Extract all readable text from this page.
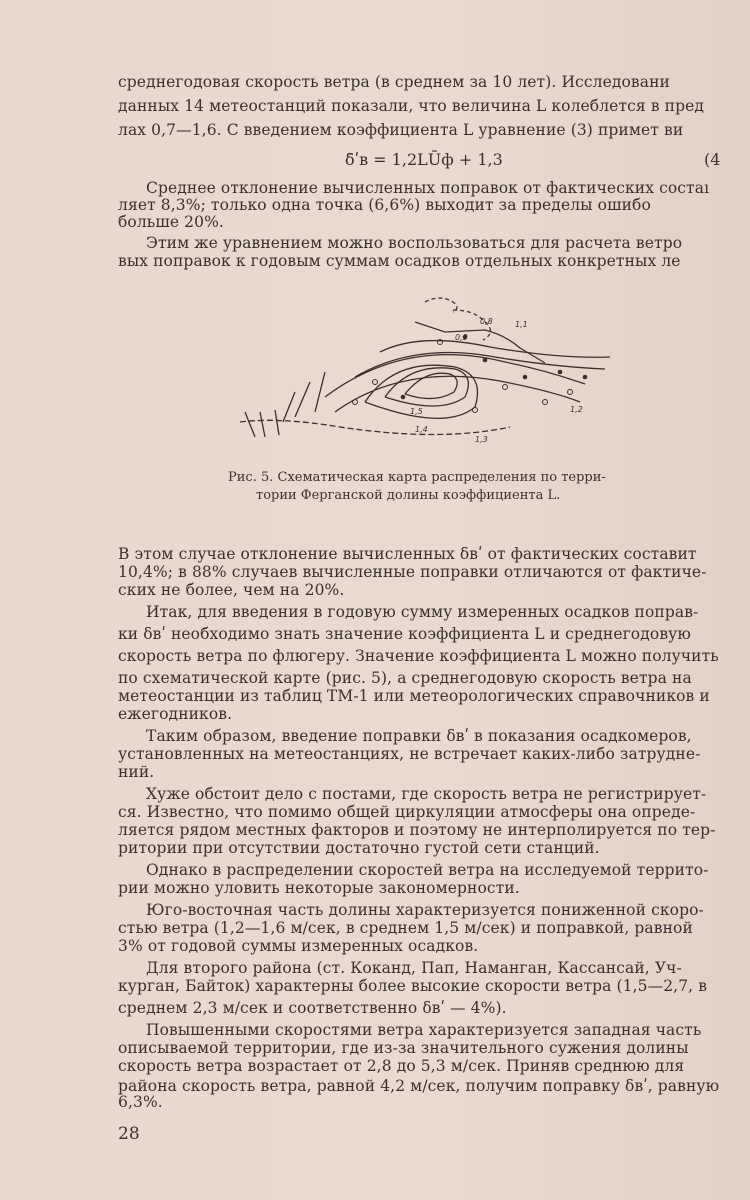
среднегодовая скорость ветра (в среднем за 10 лет). Исследовани
данных 14 метеостанций показали, что величина L колеблется в пред
лах 0,7—1,6. С введением коэффициента L уравнение (3) примет ви
δ̄ʹв = 1,2LŪф + 1,3	(4
Среднее отклонение вычисленных поправок от фактических состаı
ляет 8,3%; только одна точка (6,6%) выходит за пределы ошибо
больше 20%.
Этим же уравнением можно воспользоваться для расчета ветро
вых поправок к годовым суммам осадков отдельных конкретных ле
1,5
1,4
1,3
1,2
1,1
0,8
0,9
Рис. 5. Схематическая карта распределения по терри-
тории Ферганской долины коэффициента L.
В этом случае отклонение вычисленных δвʹ от фактических составит
10,4%; в 88% случаев вычисленные поправки отличаются от фактиче-
ских не более, чем на 20%.
Итак, для введения в годовую сумму измеренных осадков поправ-
ки δвʹ необходимо знать значение коэффициента L и среднегодовую
скорость ветра по флюгеру. Значение коэффициента L можно получить
по схематической карте (рис. 5), а среднегодовую скорость ветра на
метеостанции из таблиц ТМ-1 или метеорологических справочников и
ежегодников.
Таким образом, введение поправки δвʹ в показания осадкомеров,
установленных на метеостанциях, не встречает каких-либо затрудне-
ний.
Хуже обстоит дело с постами, где скорость ветра не регистрирует-
ся. Известно, что помимо общей циркуляции атмосферы она опреде-
ляется рядом местных факторов и поэтому не интерполируется по тер-
ритории при отсутствии достаточно густой сети станций.
Однако в распределении скоростей ветра на исследуемой террито-
рии можно уловить некоторые закономерности.
Юго-восточная часть долины характеризуется пониженной скоро-
стью ветра (1,2—1,6 м/сек, в среднем 1,5 м/сек) и поправкой, равной
3% от годовой суммы измеренных осадков.
Для второго района (ст. Коканд, Пап, Наманган, Кассансай, Уч-
курган, Байток) характерны более высокие скорости ветра (1,5—2,7, в
среднем 2,3 м/сек и соответственно δвʹ — 4%).
Повышенными скоростями ветра характеризуется западная часть
описываемой территории, где из-за значительного сужения долины
скорость ветра возрастает от 2,8 до 5,3 м/сек. Приняв среднюю для
района скорость ветра, равной 4,2 м/сек, получим поправку δвʹ, равную
6,3%.
28
